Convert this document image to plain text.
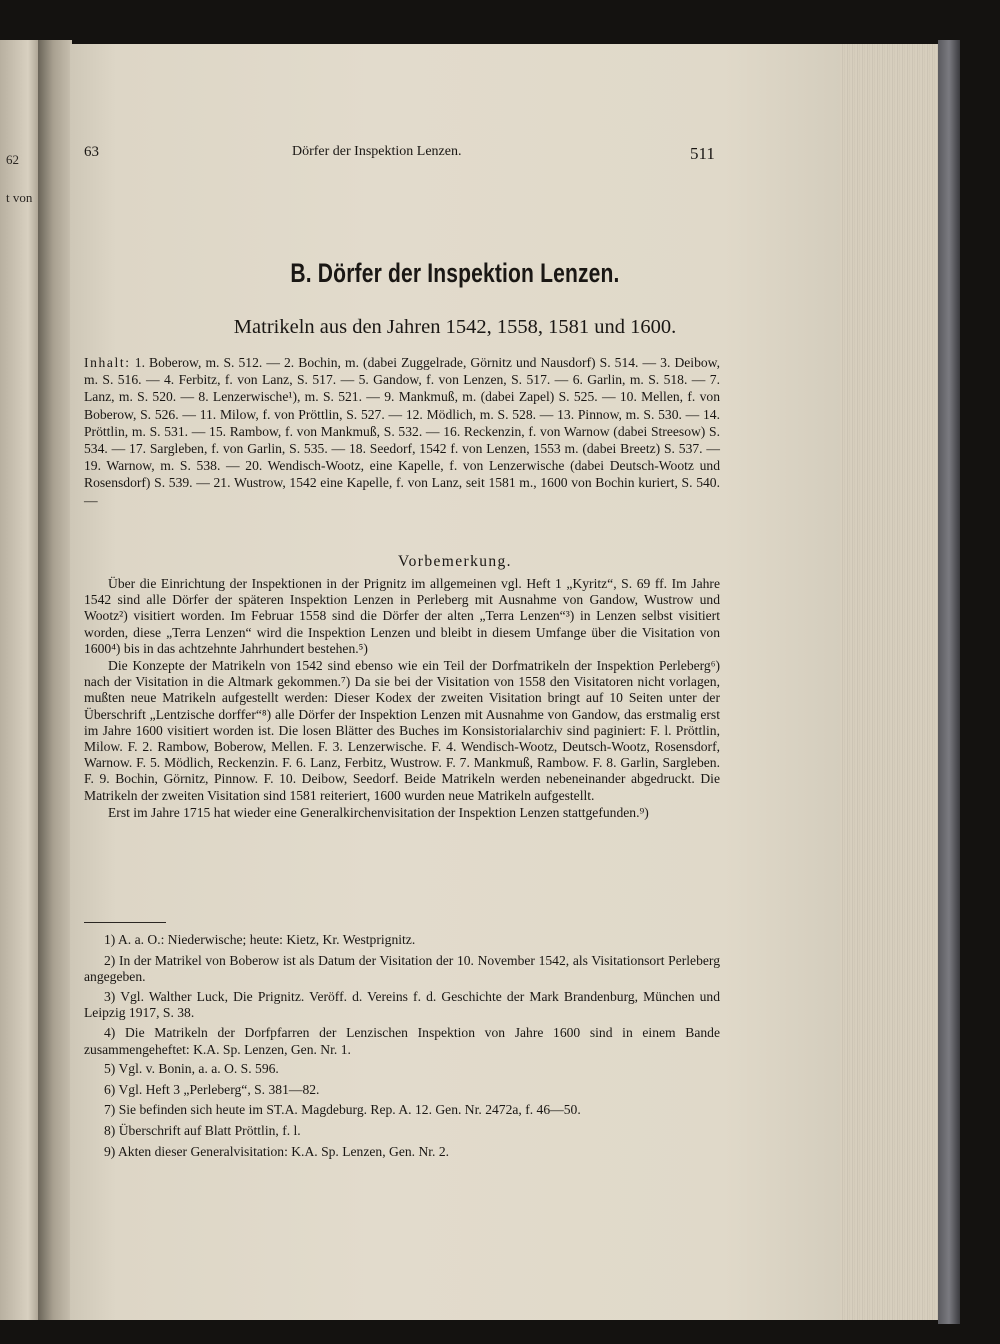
62
t von
63	Dörfer der Inspektion Lenzen.	511
B. Dörfer der Inspektion Lenzen.
Matrikeln aus den Jahren 1542, 1558, 1581 und 1600.
Inhalt: 1. Boberow, m. S. 512. — 2. Bochin, m. (dabei Zuggelrade, Görnitz und Nausdorf) S. 514. — 3. Deibow, m. S. 516. — 4. Ferbitz, f. von Lanz, S. 517. — 5. Gandow, f. von Lenzen, S. 517. — 6. Garlin, m. S. 518. — 7. Lanz, m. S. 520. — 8. Lenzerwische¹), m. S. 521. — 9. Mankmuß, m. (dabei Zapel) S. 525. — 10. Mellen, f. von Boberow, S. 526. — 11. Milow, f. von Pröttlin, S. 527. — 12. Mödlich, m. S. 528. — 13. Pinnow, m. S. 530. — 14. Pröttlin, m. S. 531. — 15. Rambow, f. von Mankmuß, S. 532. — 16. Reckenzin, f. von Warnow (dabei Streesow) S. 534. — 17. Sargleben, f. von Garlin, S. 535. — 18. Seedorf, 1542 f. von Lenzen, 1553 m. (dabei Breetz) S. 537. — 19. Warnow, m. S. 538. — 20. Wendisch-Wootz, eine Kapelle, f. von Lenzerwische (dabei Deutsch-Wootz und Rosensdorf) S. 539. — 21. Wustrow, 1542 eine Kapelle, f. von Lanz, seit 1581 m., 1600 von Bochin kuriert, S. 540. —
Vorbemerkung.

Über die Einrichtung der Inspektionen in der Prignitz im allgemeinen vgl. Heft 1 „Kyritz“, S. 69 ff. Im Jahre 1542 sind alle Dörfer der späteren Inspektion Lenzen in Perleberg mit Ausnahme von Gandow, Wustrow und Wootz²) visitiert worden. Im Februar 1558 sind die Dörfer der alten „Terra Lenzen“³) in Lenzen selbst visitiert worden, diese „Terra Lenzen“ wird die Inspektion Lenzen und bleibt in diesem Umfange über die Visitation von 1600⁴) bis in das achtzehnte Jahrhundert bestehen.⁵)

Die Konzepte der Matrikeln von 1542 sind ebenso wie ein Teil der Dorfmatrikeln der Inspektion Perleberg⁶) nach der Visitation in die Altmark gekommen.⁷) Da sie bei der Visitation von 1558 den Visitatoren nicht vorlagen, mußten neue Matrikeln aufgestellt werden: Dieser Kodex der zweiten Visitation bringt auf 10 Seiten unter der Überschrift „Lentzische dorffer“⁸) alle Dörfer der Inspektion Lenzen mit Ausnahme von Gandow, das erstmalig erst im Jahre 1600 visitiert worden ist. Die losen Blätter des Buches im Konsistorialarchiv sind paginiert: F. l. Pröttlin, Milow. F. 2. Rambow, Boberow, Mellen. F. 3. Lenzerwische. F. 4. Wendisch-Wootz, Deutsch-Wootz, Rosensdorf, Warnow. F. 5. Mödlich, Reckenzin. F. 6. Lanz, Ferbitz, Wustrow. F. 7. Mankmuß, Rambow. F. 8. Garlin, Sargleben. F. 9. Bochin, Görnitz, Pinnow. F. 10. Deibow, Seedorf. Beide Matrikeln werden nebeneinander abgedruckt. Die Matrikeln der zweiten Visitation sind 1581 reiteriert, 1600 wurden neue Matrikeln aufgestellt.

Erst im Jahre 1715 hat wieder eine Generalkirchenvisitation der Inspektion Lenzen stattgefunden.⁹)

1) A. a. O.: Niederwische; heute: Kietz, Kr. Westprignitz.
2) In der Matrikel von Boberow ist als Datum der Visitation der 10. November 1542, als Visitationsort Perleberg angegeben.
3) Vgl. Walther Luck, Die Prignitz. Veröff. d. Vereins f. d. Geschichte der Mark Brandenburg, München und Leipzig 1917, S. 38.
4) Die Matrikeln der Dorfpfarren der Lenzischen Inspektion von Jahre 1600 sind in einem Bande zusammengeheftet: K.A. Sp. Lenzen, Gen. Nr. 1.
5) Vgl. v. Bonin, a. a. O. S. 596.
6) Vgl. Heft 3 „Perleberg“, S. 381—82.
7) Sie befinden sich heute im ST.A. Magdeburg. Rep. A. 12. Gen. Nr. 2472a, f. 46—50.
8) Überschrift auf Blatt Pröttlin, f. l.
9) Akten dieser Generalvisitation: K.A. Sp. Lenzen, Gen. Nr. 2.
